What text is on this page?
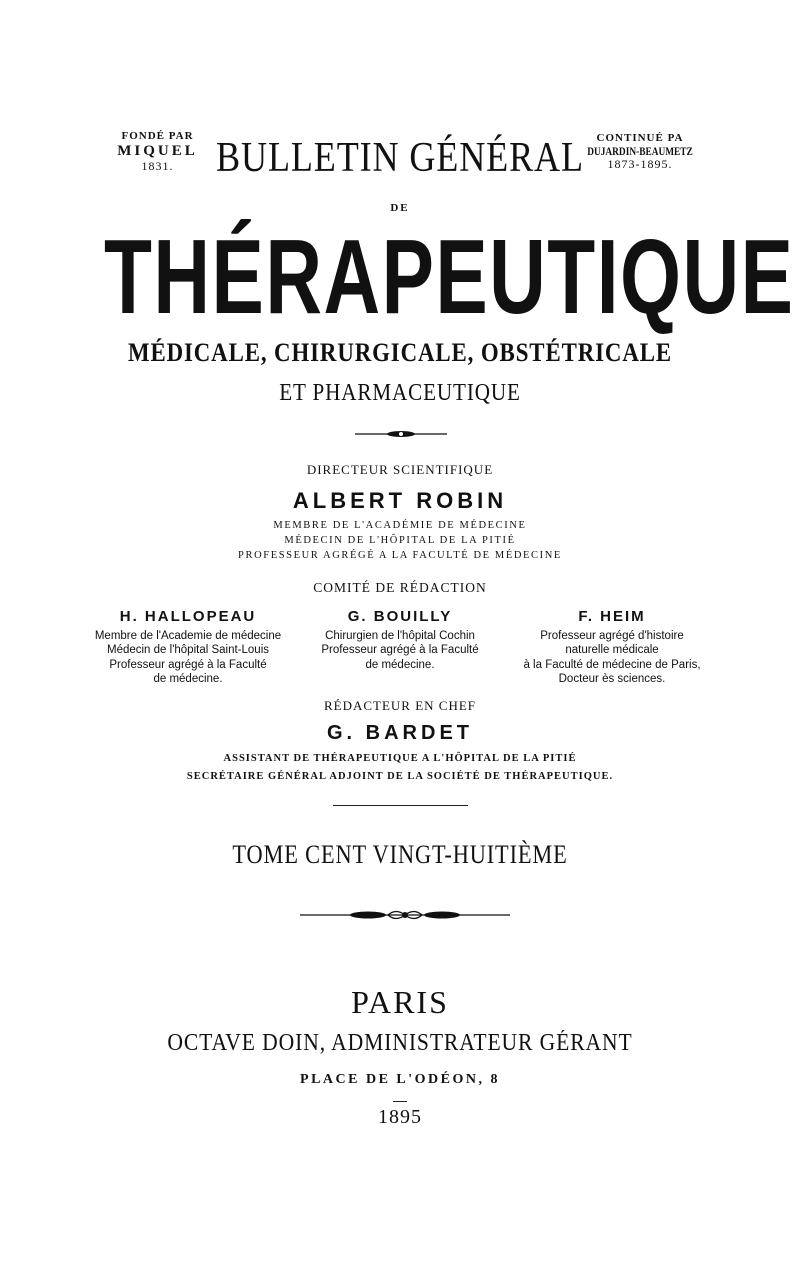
FONDÉ PAR
MIQUEL
1831.
CONTINUÉ PA
DUJARDIN-BEAUMETZ
1873-1895.
BULLETIN GÉNÉRAL
DE
THÉRAPEUTIQUE
MÉDICALE, CHIRURGICALE, OBSTÉTRICALE
ET PHARMACEUTIQUE
DIRECTEUR SCIENTIFIQUE
ALBERT ROBIN
MEMBRE DE L'ACADÉMIE DE MÉDECINE
MÉDECIN DE L'HÔPITAL DE LA PITIÉ
PROFESSEUR AGRÉGÉ A LA FACULTÉ DE MÉDECINE
COMITÉ DE RÉDACTION
H. HALLOPEAU
Membre de l'Academie de médecine
Médecin de l'hôpital Saint-Louis
Professeur agrégé à la Faculté
de médecine.
G. BOUILLY
Chirurgien de l'hôpital Cochin
Professeur agrégé à la Faculté
de médecine.
F. HEIM
Professeur agrégé d'histoire
naturelle médicale
à la Faculté de médecine de Paris,
Docteur ès sciences.
RÉDACTEUR EN CHEF
G. BARDET
ASSISTANT DE THÉRAPEUTIQUE A L'HÔPITAL DE LA PITIÉ
SECRÉTAIRE GÉNÉRAL ADJOINT DE LA SOCIÉTÉ DE THÉRAPEUTIQUE.
TOME CENT VINGT-HUITIÈME
PARIS
OCTAVE DOIN, ADMINISTRATEUR GÉRANT
PLACE DE L'ODÉON, 8
1895
